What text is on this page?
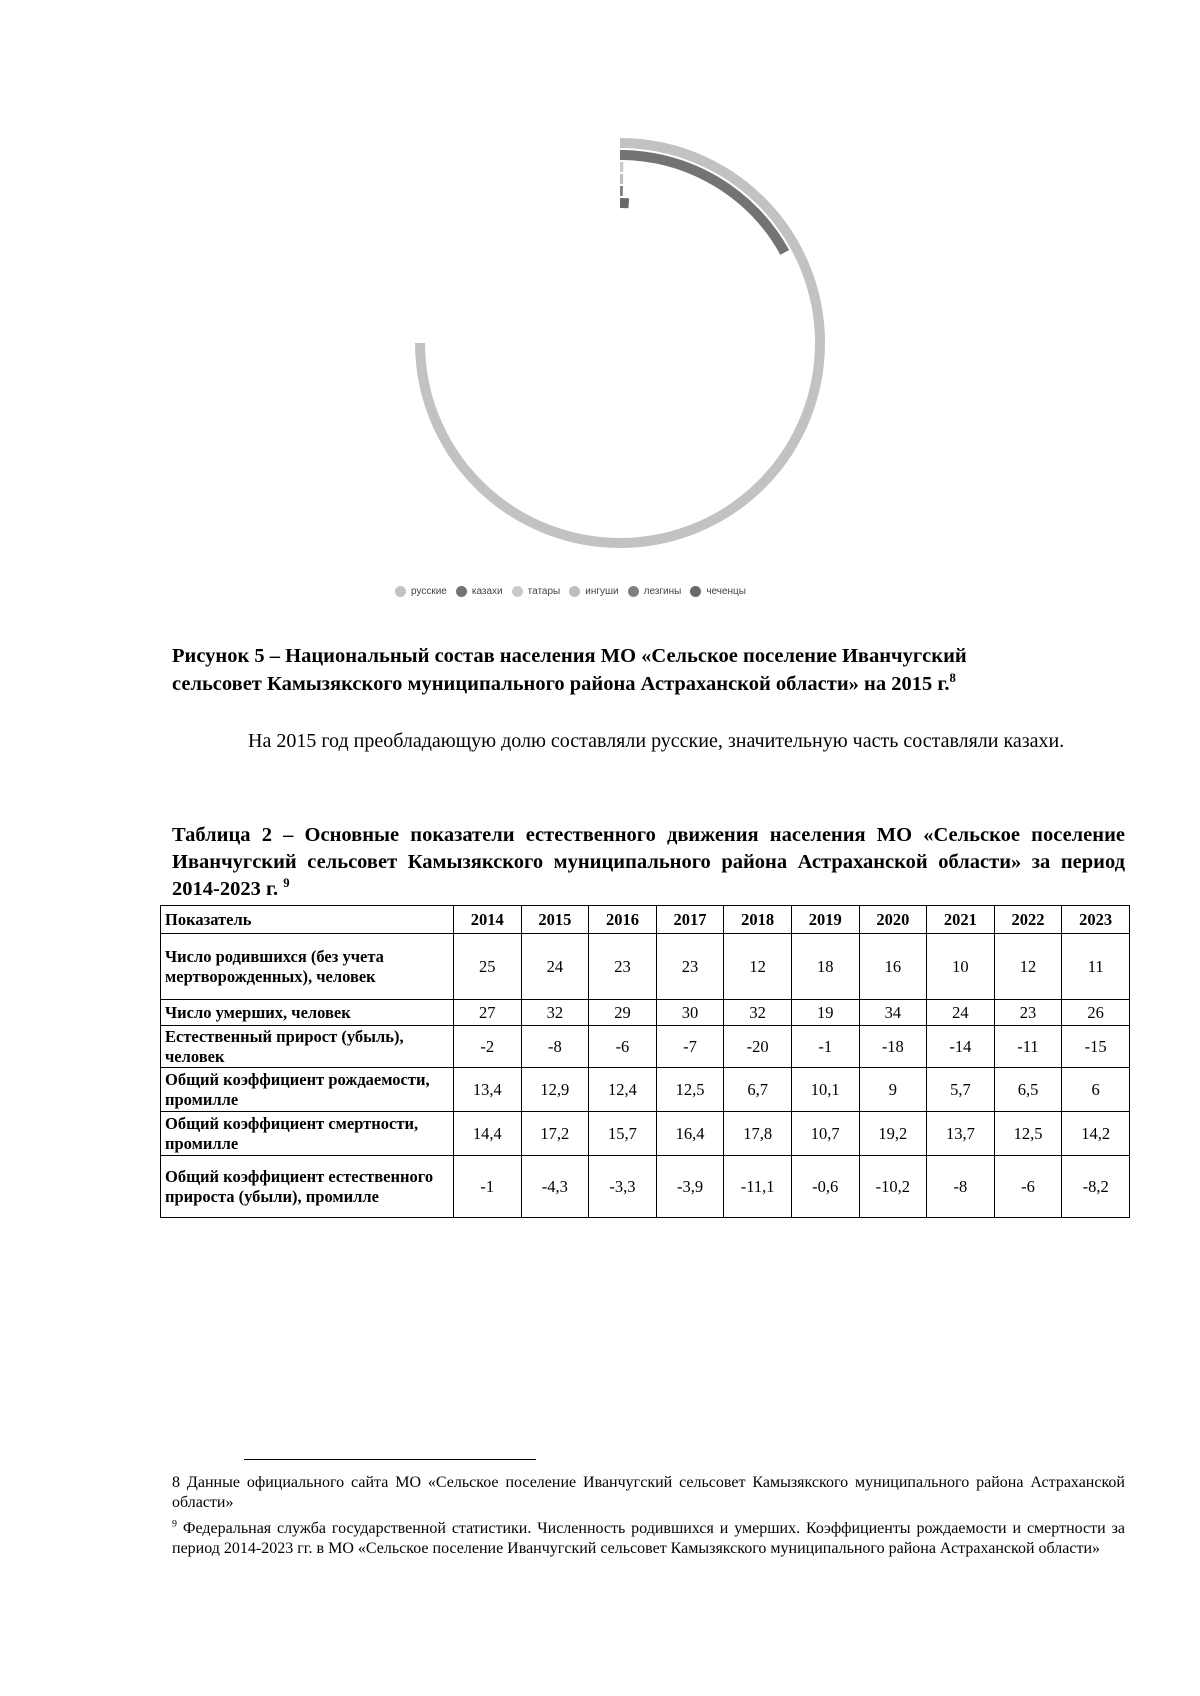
русские	казахи	татары	ингуши	лезгины	чеченцы
Рисунок 5 – Национальный состав населения МО «Сельское поселение Иванчугский
сельсовет Камызякского муниципального района Астраханской области» на 2015 г.$^8$
На 2015 год преобладающую долю составляли русские, значительную часть составляли казахи.
Таблица 2 – Основные показатели естественного движения населения МО «Сельское поселение Иванчугский сельсовет Камызякского муниципального района Астраханской области» за период 2014-2023 г. $^9$
Показатель	2014	2015	2016	2017	2018	2019	2020	2021	2022	2023
Число родившихся (без учета мертворожденных), человек	25	24	23	23	12	18	16	10	12	11
Число умерших, человек	27	32	29	30	32	19	34	24	23	26
Естественный прирост (убыль), человек	-2	-8	-6	-7	-20	-1	-18	-14	-11	-15
Общий коэффициент рождаемости, промилле	13,4	12,9	12,4	12,5	6,7	10,1	9	5,7	6,5	6
Общий коэффициент смертности, промилле	14,4	17,2	15,7	16,4	17,8	10,7	19,2	13,7	12,5	14,2
Общий коэффициент естественного прироста (убыли), промилле	-1	-4,3	-3,3	-3,9	-11,1	-0,6	-10,2	-8	-6	-8,2
8 Данные официального сайта МО «Сельское поселение Иванчугский сельсовет Камызякского муниципального района Астраханской области»
$^9$ Федеральная служба государственной статистики. Численность родившихся и умерших. Коэффициенты рождаемости и смертности за период 2014-2023 гг. в МО «Сельское поселение Иванчугский сельсовет Камызякского муниципального района Астраханской области»
